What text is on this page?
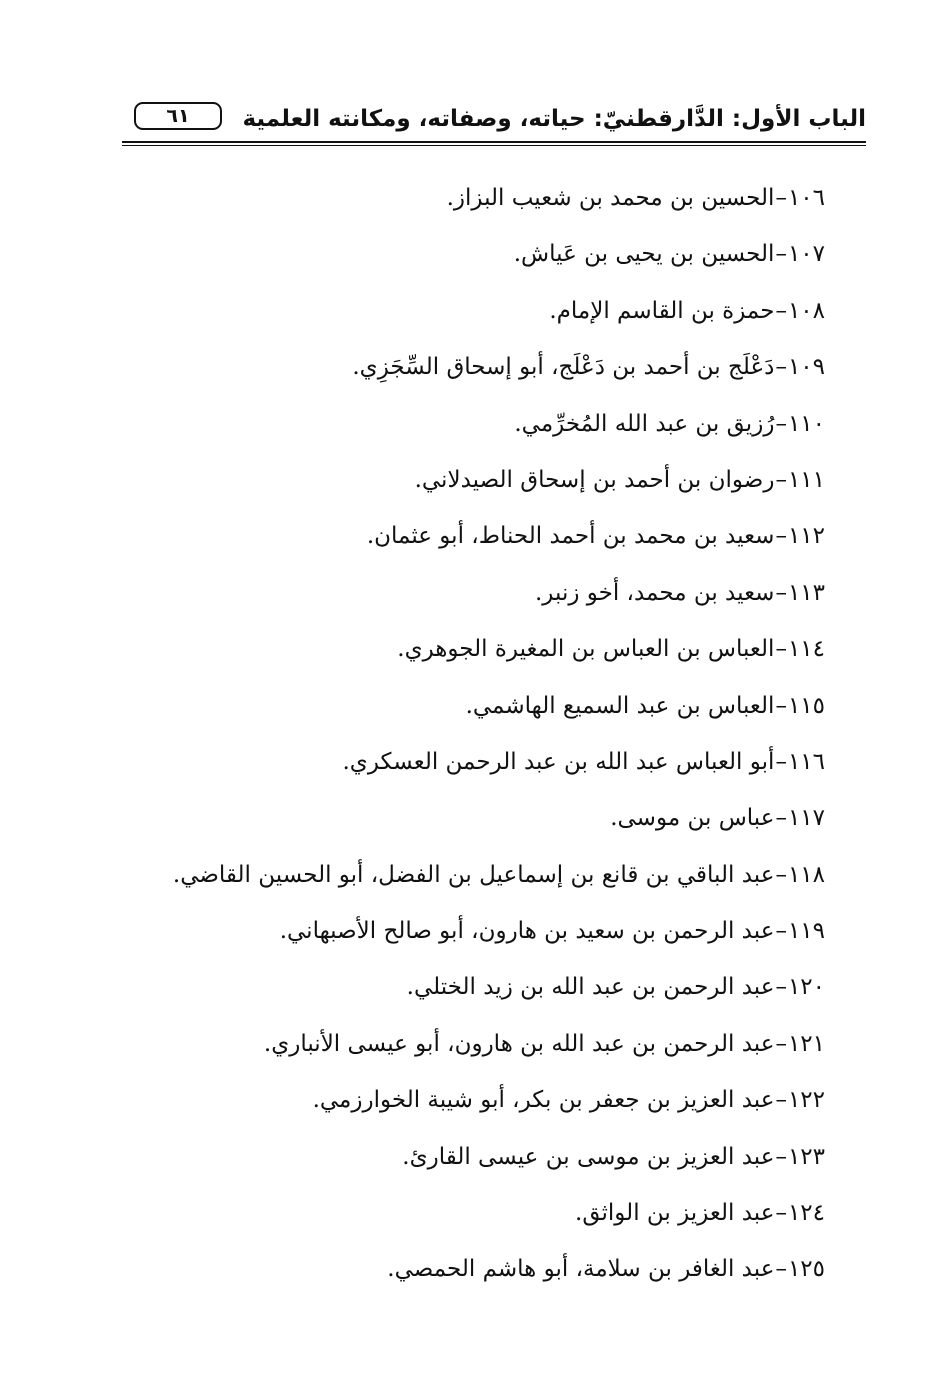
الباب الأول: الدَّارقطنيّ: حياته، وصفاته، ومكانته العلمية
٦١
١٠٦–الحسين بن محمد بن شعيب البزاز.
١٠٧–الحسين بن يحيى بن عَياش.
١٠٨–حمزة بن القاسم الإمام.
١٠٩–دَعْلَج بن أحمد بن دَعْلَج، أبو إسحاق السِّجَزِي.
١١٠–رُزيق بن عبد الله المُخرِّمي.
١١١–رضوان بن أحمد بن إسحاق الصيدلاني.
١١٢–سعيد بن محمد بن أحمد الحناط، أبو عثمان.
١١٣–سعيد بن محمد، أخو زنبر.
١١٤–العباس بن العباس بن المغيرة الجوهري.
١١٥–العباس بن عبد السميع الهاشمي.
١١٦–أبو العباس عبد الله بن عبد الرحمن العسكري.
١١٧–عباس بن موسى.
١١٨–عبد الباقي بن قانع بن إسماعيل بن الفضل، أبو الحسين القاضي.
١١٩–عبد الرحمن بن سعيد بن هارون، أبو صالح الأصبهاني.
١٢٠–عبد الرحمن بن عبد الله بن زيد الختلي.
١٢١–عبد الرحمن بن عبد الله بن هارون، أبو عيسى الأنباري.
١٢٢–عبد العزيز بن جعفر بن بكر، أبو شيبة الخوارزمي.
١٢٣–عبد العزيز بن موسى بن عيسى القارئ.
١٢٤–عبد العزيز بن الواثق.
١٢٥–عبد الغافر بن سلامة، أبو هاشم الحمصي.
